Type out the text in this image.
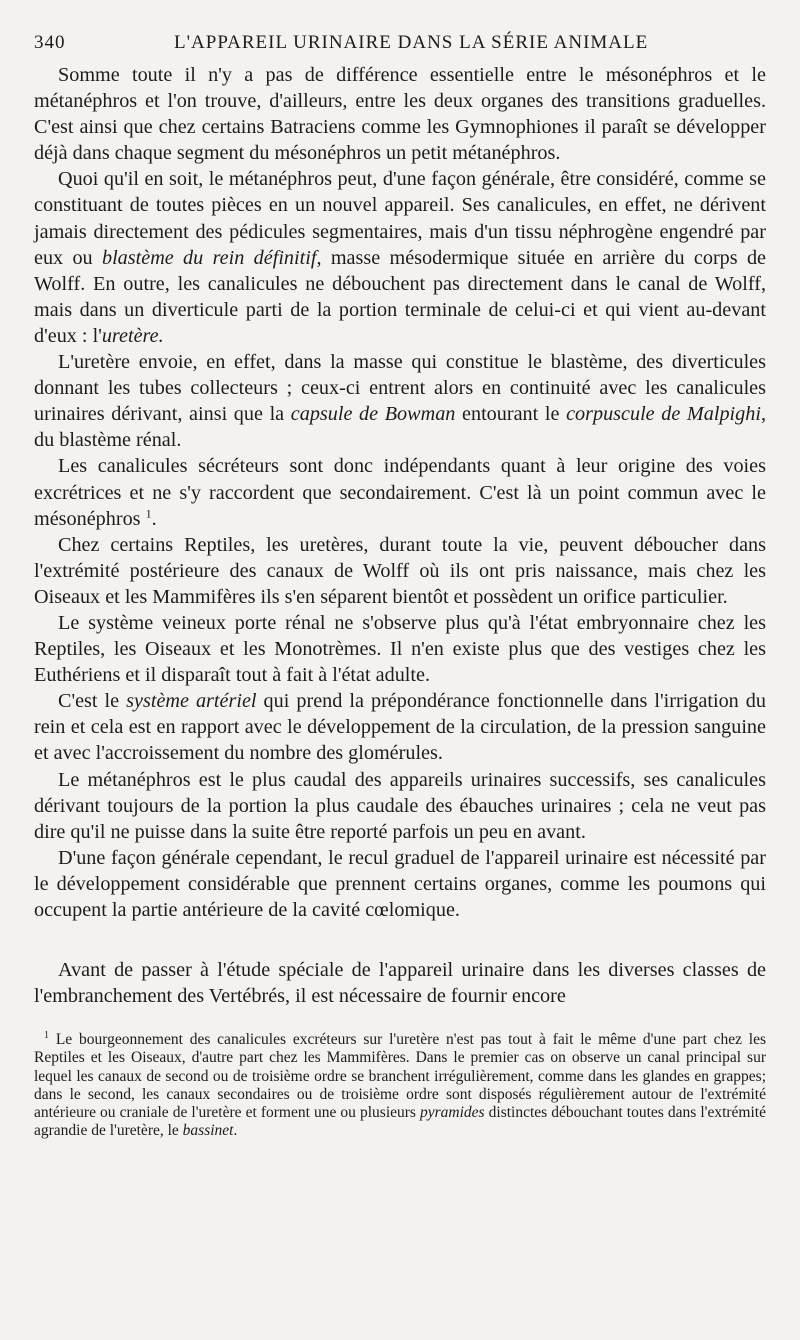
340	L'APPAREIL URINAIRE DANS LA SÉRIE ANIMALE

Somme toute il n'y a pas de différence essentielle entre le mésonéphros et le métanéphros et l'on trouve, d'ailleurs, entre les deux organes des transitions graduelles. C'est ainsi que chez certains Batraciens comme les Gymnophiones il paraît se développer déjà dans chaque segment du mésonéphros un petit métanéphros.

Quoi qu'il en soit, le métanéphros peut, d'une façon générale, être considéré, comme se constituant de toutes pièces en un nouvel appareil. Ses canalicules, en effet, ne dérivent jamais directement des pédicules segmentaires, mais d'un tissu néphrogène engendré par eux ou blastème du rein définitif, masse mésodermique située en arrière du corps de Wolff. En outre, les canalicules ne débouchent pas directement dans le canal de Wolff, mais dans un diverticule parti de la portion terminale de celui-ci et qui vient au-devant d'eux : l'uretère.

L'uretère envoie, en effet, dans la masse qui constitue le blastème, des diverticules donnant les tubes collecteurs ; ceux-ci entrent alors en continuité avec les canalicules urinaires dérivant, ainsi que la capsule de Bowman entourant le corpuscule de Malpighi, du blastème rénal.

Les canalicules sécréteurs sont donc indépendants quant à leur origine des voies excrétrices et ne s'y raccordent que secondairement. C'est là un point commun avec le mésonéphros $^1$.

Chez certains Reptiles, les uretères, durant toute la vie, peuvent déboucher dans l'extrémité postérieure des canaux de Wolff où ils ont pris naissance, mais chez les Oiseaux et les Mammifères ils s'en séparent bientôt et possèdent un orifice particulier.

Le système veineux porte rénal ne s'observe plus qu'à l'état embryonnaire chez les Reptiles, les Oiseaux et les Monotrèmes. Il n'en existe plus que des vestiges chez les Euthériens et il disparaît tout à fait à l'état adulte.

C'est le système artériel qui prend la prépondérance fonctionnelle dans l'irrigation du rein et cela est en rapport avec le développement de la circulation, de la pression sanguine et avec l'accroissement du nombre des glomérules.

Le métanéphros est le plus caudal des appareils urinaires successifs, ses canalicules dérivant toujours de la portion la plus caudale des ébauches urinaires ; cela ne veut pas dire qu'il ne puisse dans la suite être reporté parfois un peu en avant.

D'une façon générale cependant, le recul graduel de l'appareil urinaire est nécessité par le développement considérable que prennent certains organes, comme les poumons qui occupent la partie antérieure de la cavité cœlomique.

Avant de passer à l'étude spéciale de l'appareil urinaire dans les diverses classes de l'embranchement des Vertébrés, il est nécessaire de fournir encore

$^1$ Le bourgeonnement des canalicules excréteurs sur l'uretère n'est pas tout à fait le même d'une part chez les Reptiles et les Oiseaux, d'autre part chez les Mammifères. Dans le premier cas on observe un canal principal sur lequel les canaux de second ou de troisième ordre se branchent irrégulièrement, comme dans les glandes en grappes; dans le second, les canaux secondaires ou de troisième ordre sont disposés régulièrement autour de l'extrémité antérieure ou craniale de l'uretère et forment une ou plusieurs pyramides distinctes débouchant toutes dans l'extrémité agrandie de l'uretère, le bassinet.
